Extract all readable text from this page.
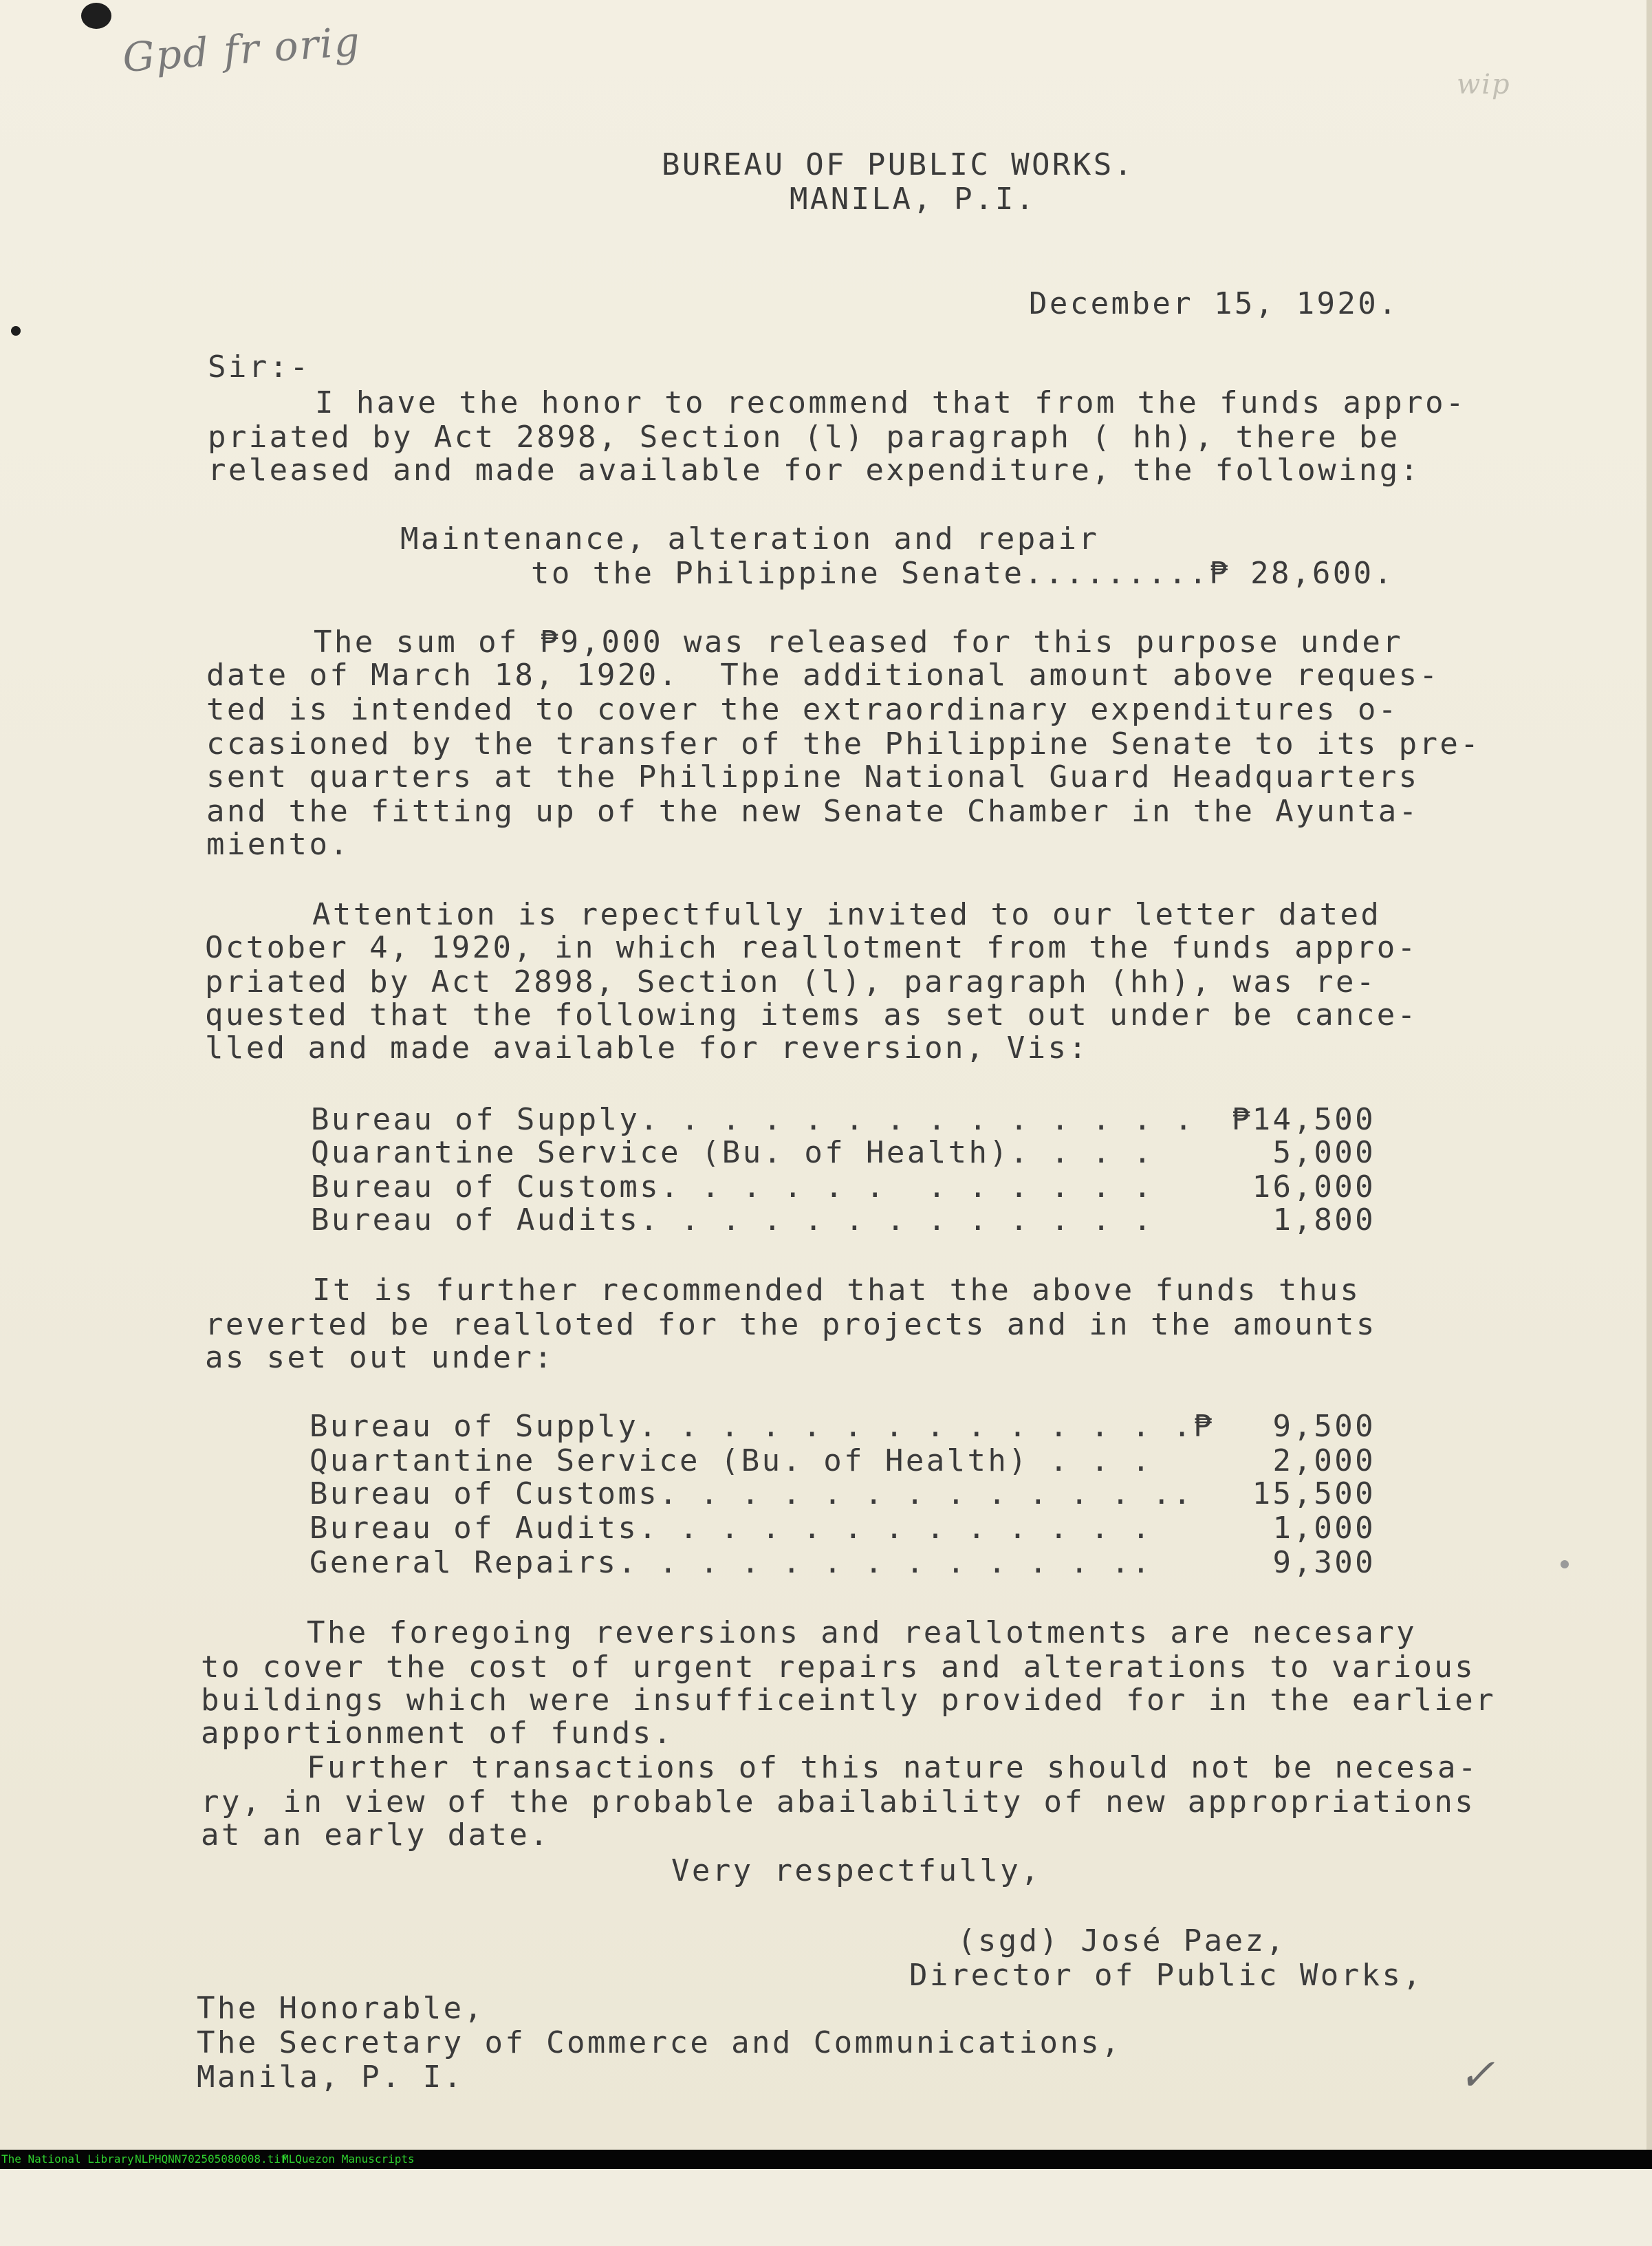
Gpd fr orig
wip
✓
BUREAU OF PUBLIC WORKS.
MANILA, P.I.
December 15, 1920.
Sir:-
I have the honor to recommend that from the funds appro-
priated by Act 2898, Section (l) paragraph ( hh), there be
released and made available for expenditure, the following:
Maintenance, alteration and repair
to the Philippine Senate.........₱ 28,600.
The sum of ₱9,000 was released for this purpose under
date of March 18, 1920.  The additional amount above reques-
ted is intended to cover the extraordinary expenditures o-
ccasioned by the transfer of the Philippine Senate to its pre-
sent quarters at the Philippine National Guard Headquarters
and the fitting up of the new Senate Chamber in the Ayunta-
miento.
Attention is repectfully invited to our letter dated
October 4, 1920, in which reallotment from the funds appro-
priated by Act 2898, Section (l), paragraph (hh), was re-
quested that the following items as set out under be cance-
lled and made available for reversion, Vis:
Bureau of Supply. . . . . . . . . . . . . .	₱14,500
Quarantine Service (Bu. of Health). . . .	5,000
Bureau of Customs. . . . . .  . . . . . .	16,000
Bureau of Audits. . . . . . . . . . . . .	1,800
It is further recommended that the above funds thus
reverted be realloted for the projects and in the amounts
as set out under:
Bureau of Supply. . . . . . . . . . . . . .₱	9,500
Quartantine Service (Bu. of Health) . . .	2,000
Bureau of Customs. . . . . . . . . . . . ..	15,500
Bureau of Audits. . . . . . . . . . . . .	1,000
General Repairs. . . . . . . . . . . . ..	9,300
The foregoing reversions and reallotments are necesary
to cover the cost of urgent repairs and alterations to various
buildings which were insufficeintly provided for in the earlier
apportionment of funds.
Further transactions of this nature should not be necesa-
ry, in view of the probable abailability of new appropriations
at an early date.
Very respectfully,
(sgd) José Paez,
Director of Public Works,
The Honorable,
The Secretary of Commerce and Communications,
Manila, P. I.

The National Library

NLPHQNN702505080008.tif

MLQuezon Manuscripts
